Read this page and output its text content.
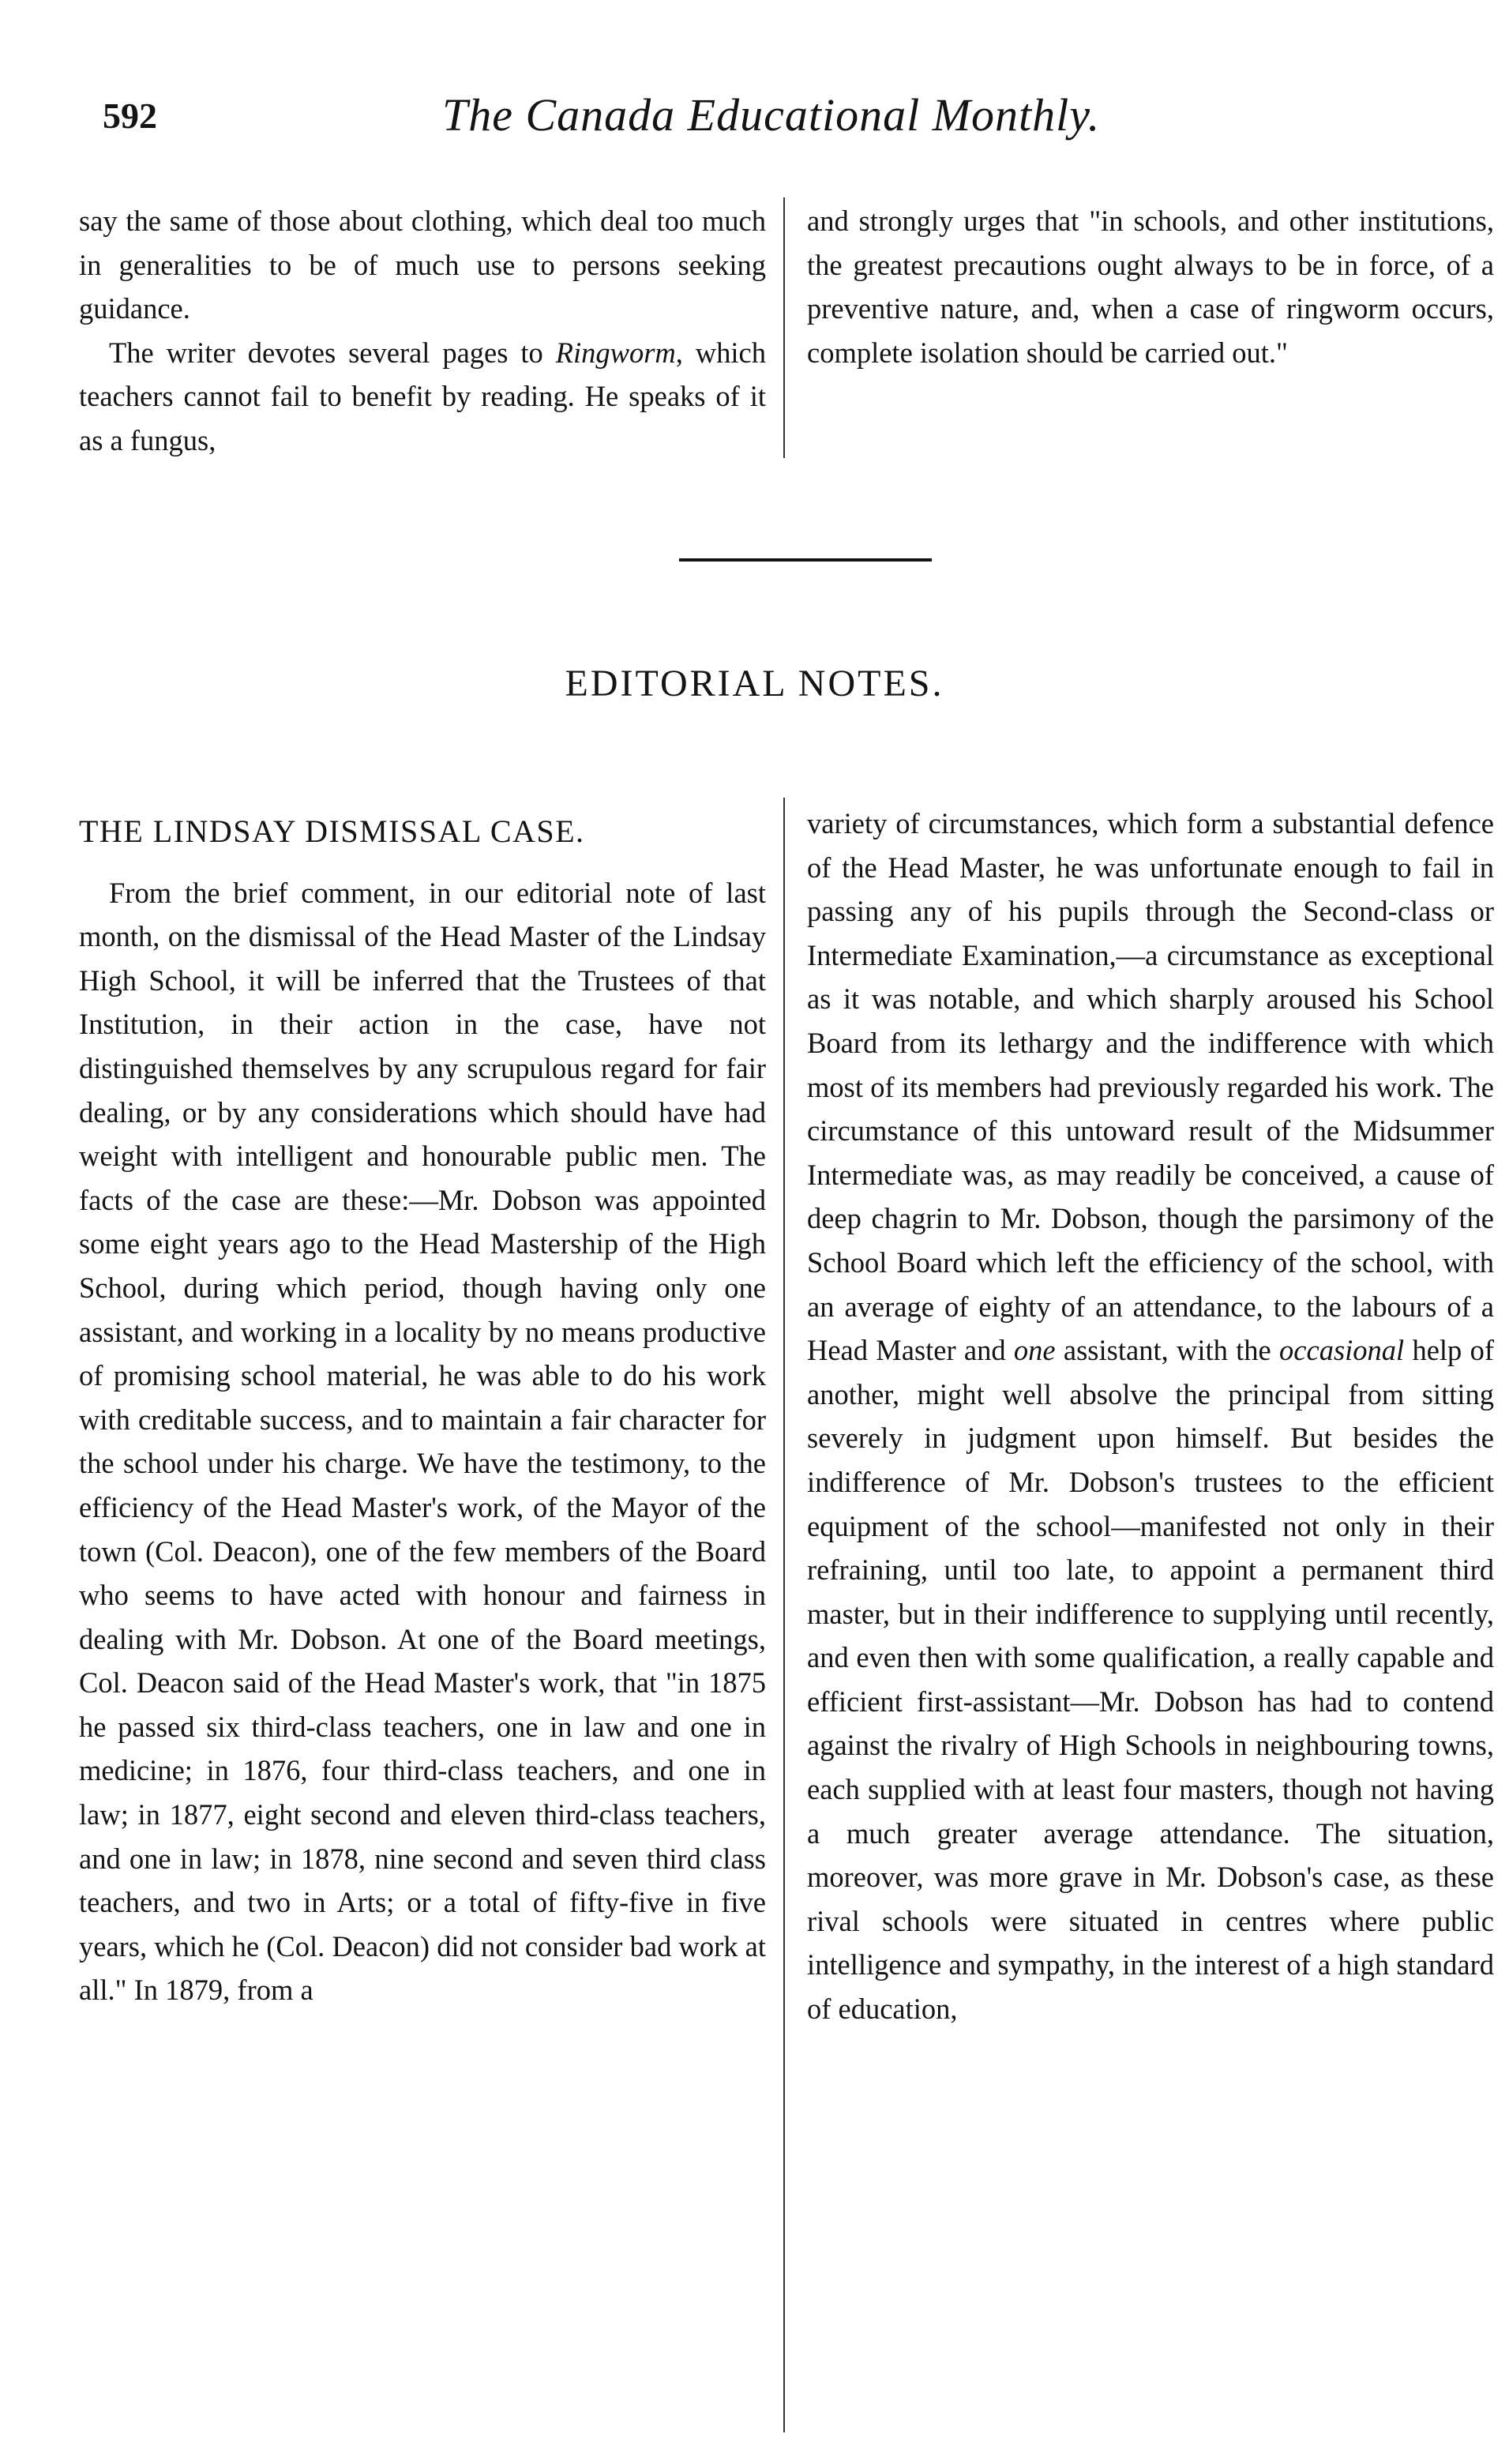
592	The Canada Educational Monthly.

say the same of those about clothing, which deal too much in generalities to be of much use to persons seeking guidance.

The writer devotes several pages to Ringworm, which teachers cannot fail to benefit by reading. He speaks of it as a fungus,

and strongly urges that "in schools, and other institutions, the greatest precautions ought always to be in force, of a preventive nature, and, when a case of ringworm occurs, complete isolation should be carried out."

EDITORIAL NOTES.

THE LINDSAY DISMISSAL CASE.

From the brief comment, in our editorial note of last month, on the dismissal of the Head Master of the Lindsay High School, it will be inferred that the Trustees of that Institution, in their action in the case, have not distinguished themselves by any scrupulous regard for fair dealing, or by any considerations which should have had weight with intelligent and honourable public men. The facts of the case are these:—Mr. Dobson was appointed some eight years ago to the Head Mastership of the High School, during which period, though having only one assistant, and working in a locality by no means productive of promising school material, he was able to do his work with creditable success, and to maintain a fair character for the school under his charge. We have the testimony, to the efficiency of the Head Master's work, of the Mayor of the town (Col. Deacon), one of the few members of the Board who seems to have acted with honour and fairness in dealing with Mr. Dobson. At one of the Board meetings, Col. Deacon said of the Head Master's work, that "in 1875 he passed six third-class teachers, one in law and one in medicine; in 1876, four third-class teachers, and one in law; in 1877, eight second and eleven third-class teachers, and one in law; in 1878, nine second and seven third class teachers, and two in Arts; or a total of fifty-five in five years, which he (Col. Deacon) did not consider bad work at all." In 1879, from a

variety of circumstances, which form a substantial defence of the Head Master, he was unfortunate enough to fail in passing any of his pupils through the Second-class or Intermediate Examination,—a circumstance as exceptional as it was notable, and which sharply aroused his School Board from its lethargy and the indifference with which most of its members had previously regarded his work. The circumstance of this untoward result of the Midsummer Intermediate was, as may readily be conceived, a cause of deep chagrin to Mr. Dobson, though the parsimony of the School Board which left the efficiency of the school, with an average of eighty of an attendance, to the labours of a Head Master and one assistant, with the occasional help of another, might well absolve the principal from sitting severely in judgment upon himself. But besides the indifference of Mr. Dobson's trustees to the efficient equipment of the school—manifested not only in their refraining, until too late, to appoint a permanent third master, but in their indifference to supplying until recently, and even then with some qualification, a really capable and efficient first-assistant—Mr. Dobson has had to contend against the rivalry of High Schools in neighbouring towns, each supplied with at least four masters, though not having a much greater average attendance. The situation, moreover, was more grave in Mr. Dobson's case, as these rival schools were situated in centres where public intelligence and sympathy, in the interest of a high standard of education,
